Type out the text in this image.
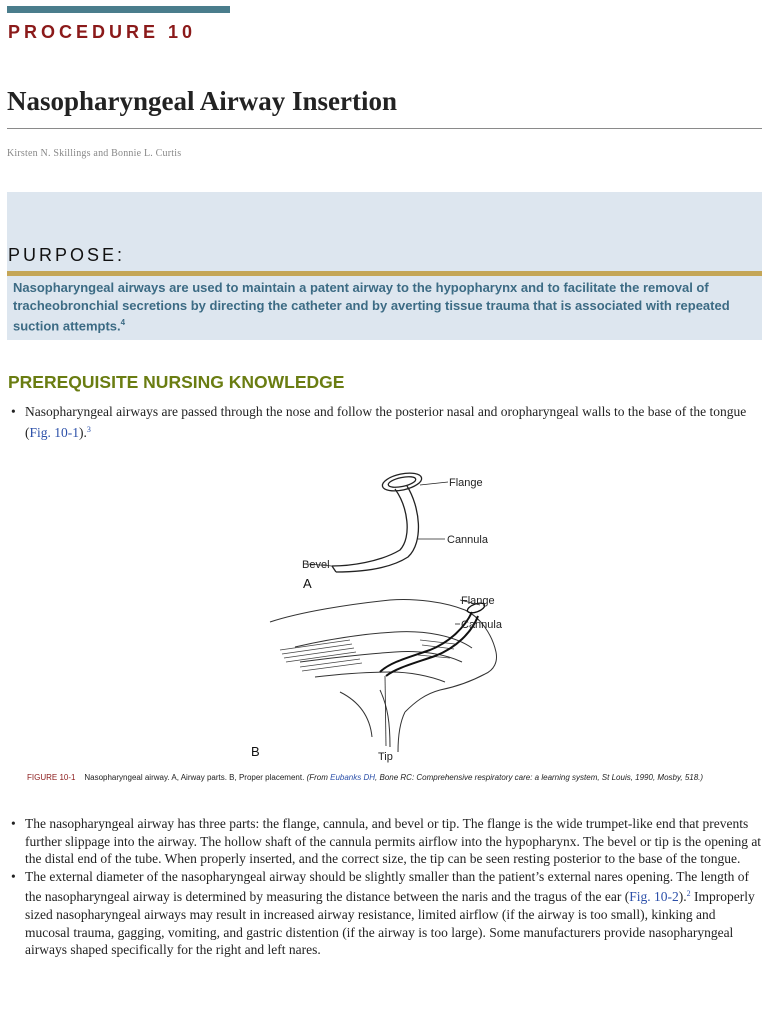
PROCEDURE 10
Nasopharyngeal Airway Insertion
Kirsten N. Skillings and Bonnie L. Curtis
PURPOSE:
Nasopharyngeal airways are used to maintain a patent airway to the hypopharynx and to facilitate the removal of tracheobronchial secretions by directing the catheter and by averting tissue trauma that is associated with repeated suction attempts.$^4$
PREREQUISITE NURSING KNOWLEDGE
• Nasopharyngeal airways are passed through the nose and follow the posterior nasal and oropharyngeal walls to the base of the tongue (Fig. 10-1).$^3$
Flange
Cannula
Bevel
A
Flange
Cannula
Tip
B
FIGURE 10-1 Nasopharyngeal airway. A, Airway parts. B, Proper placement. (From Eubanks DH, Bone RC: Comprehensive respiratory care: a learning system, St Louis, 1990, Mosby, 518.)
• The nasopharyngeal airway has three parts: the flange, cannula, and bevel or tip. The flange is the wide trumpet-like end that prevents further slippage into the airway. The hollow shaft of the cannula permits airflow into the hypopharynx. The bevel or tip is the opening at the distal end of the tube. When properly inserted, and the correct size, the tip can be seen resting posterior to the base of the tongue.
• The external diameter of the nasopharyngeal airway should be slightly smaller than the patient’s external nares opening. The length of the nasopharyngeal airway is determined by measuring the distance between the naris and the tragus of the ear (Fig. 10-2).$^2$ Improperly sized nasopharyngeal airways may result in increased airway resistance, limited airflow (if the airway is too small), kinking and mucosal trauma, gagging, vomiting, and gastric distention (if the airway is too large). Some manufacturers provide nasopharyngeal airways shaped specifically for the right and left nares.
